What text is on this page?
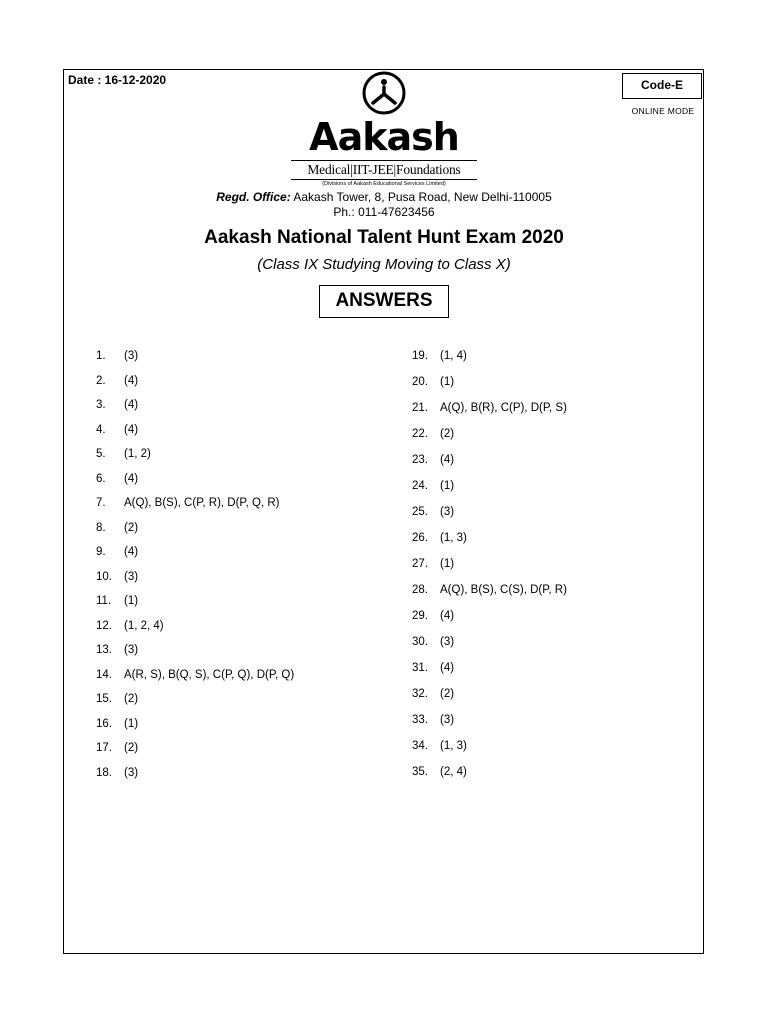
Date : 16-12-2020	Code-E
ONLINE MODE
Aakash
Medical|IIT-JEE|Foundations
(Divisions of Aakash Educational Services Limited)
Regd. Office: Aakash Tower, 8, Pusa Road, New Delhi-110005
Ph.: 011-47623456
Aakash National Talent Hunt Exam 2020
(Class IX Studying Moving to Class X)
ANSWERS
1.	(3)
2.	(4)
3.	(4)
4.	(4)
5.	(1, 2)
6.	(4)
7.	A(Q), B(S), C(P, R), D(P, Q, R)
8.	(2)
9.	(4)
10.	(3)
11.	(1)
12.	(1, 2, 4)
13.	(3)
14.	A(R, S), B(Q, S), C(P, Q), D(P, Q)
15.	(2)
16.	(1)
17.	(2)
18.	(3)
19.	(1, 4)
20.	(1)
21.	A(Q), B(R), C(P), D(P, S)
22.	(2)
23.	(4)
24.	(1)
25.	(3)
26.	(1, 3)
27.	(1)
28.	A(Q), B(S), C(S), D(P, R)
29.	(4)
30.	(3)
31.	(4)
32.	(2)
33.	(3)
34.	(1, 3)
35.	(2, 4)
